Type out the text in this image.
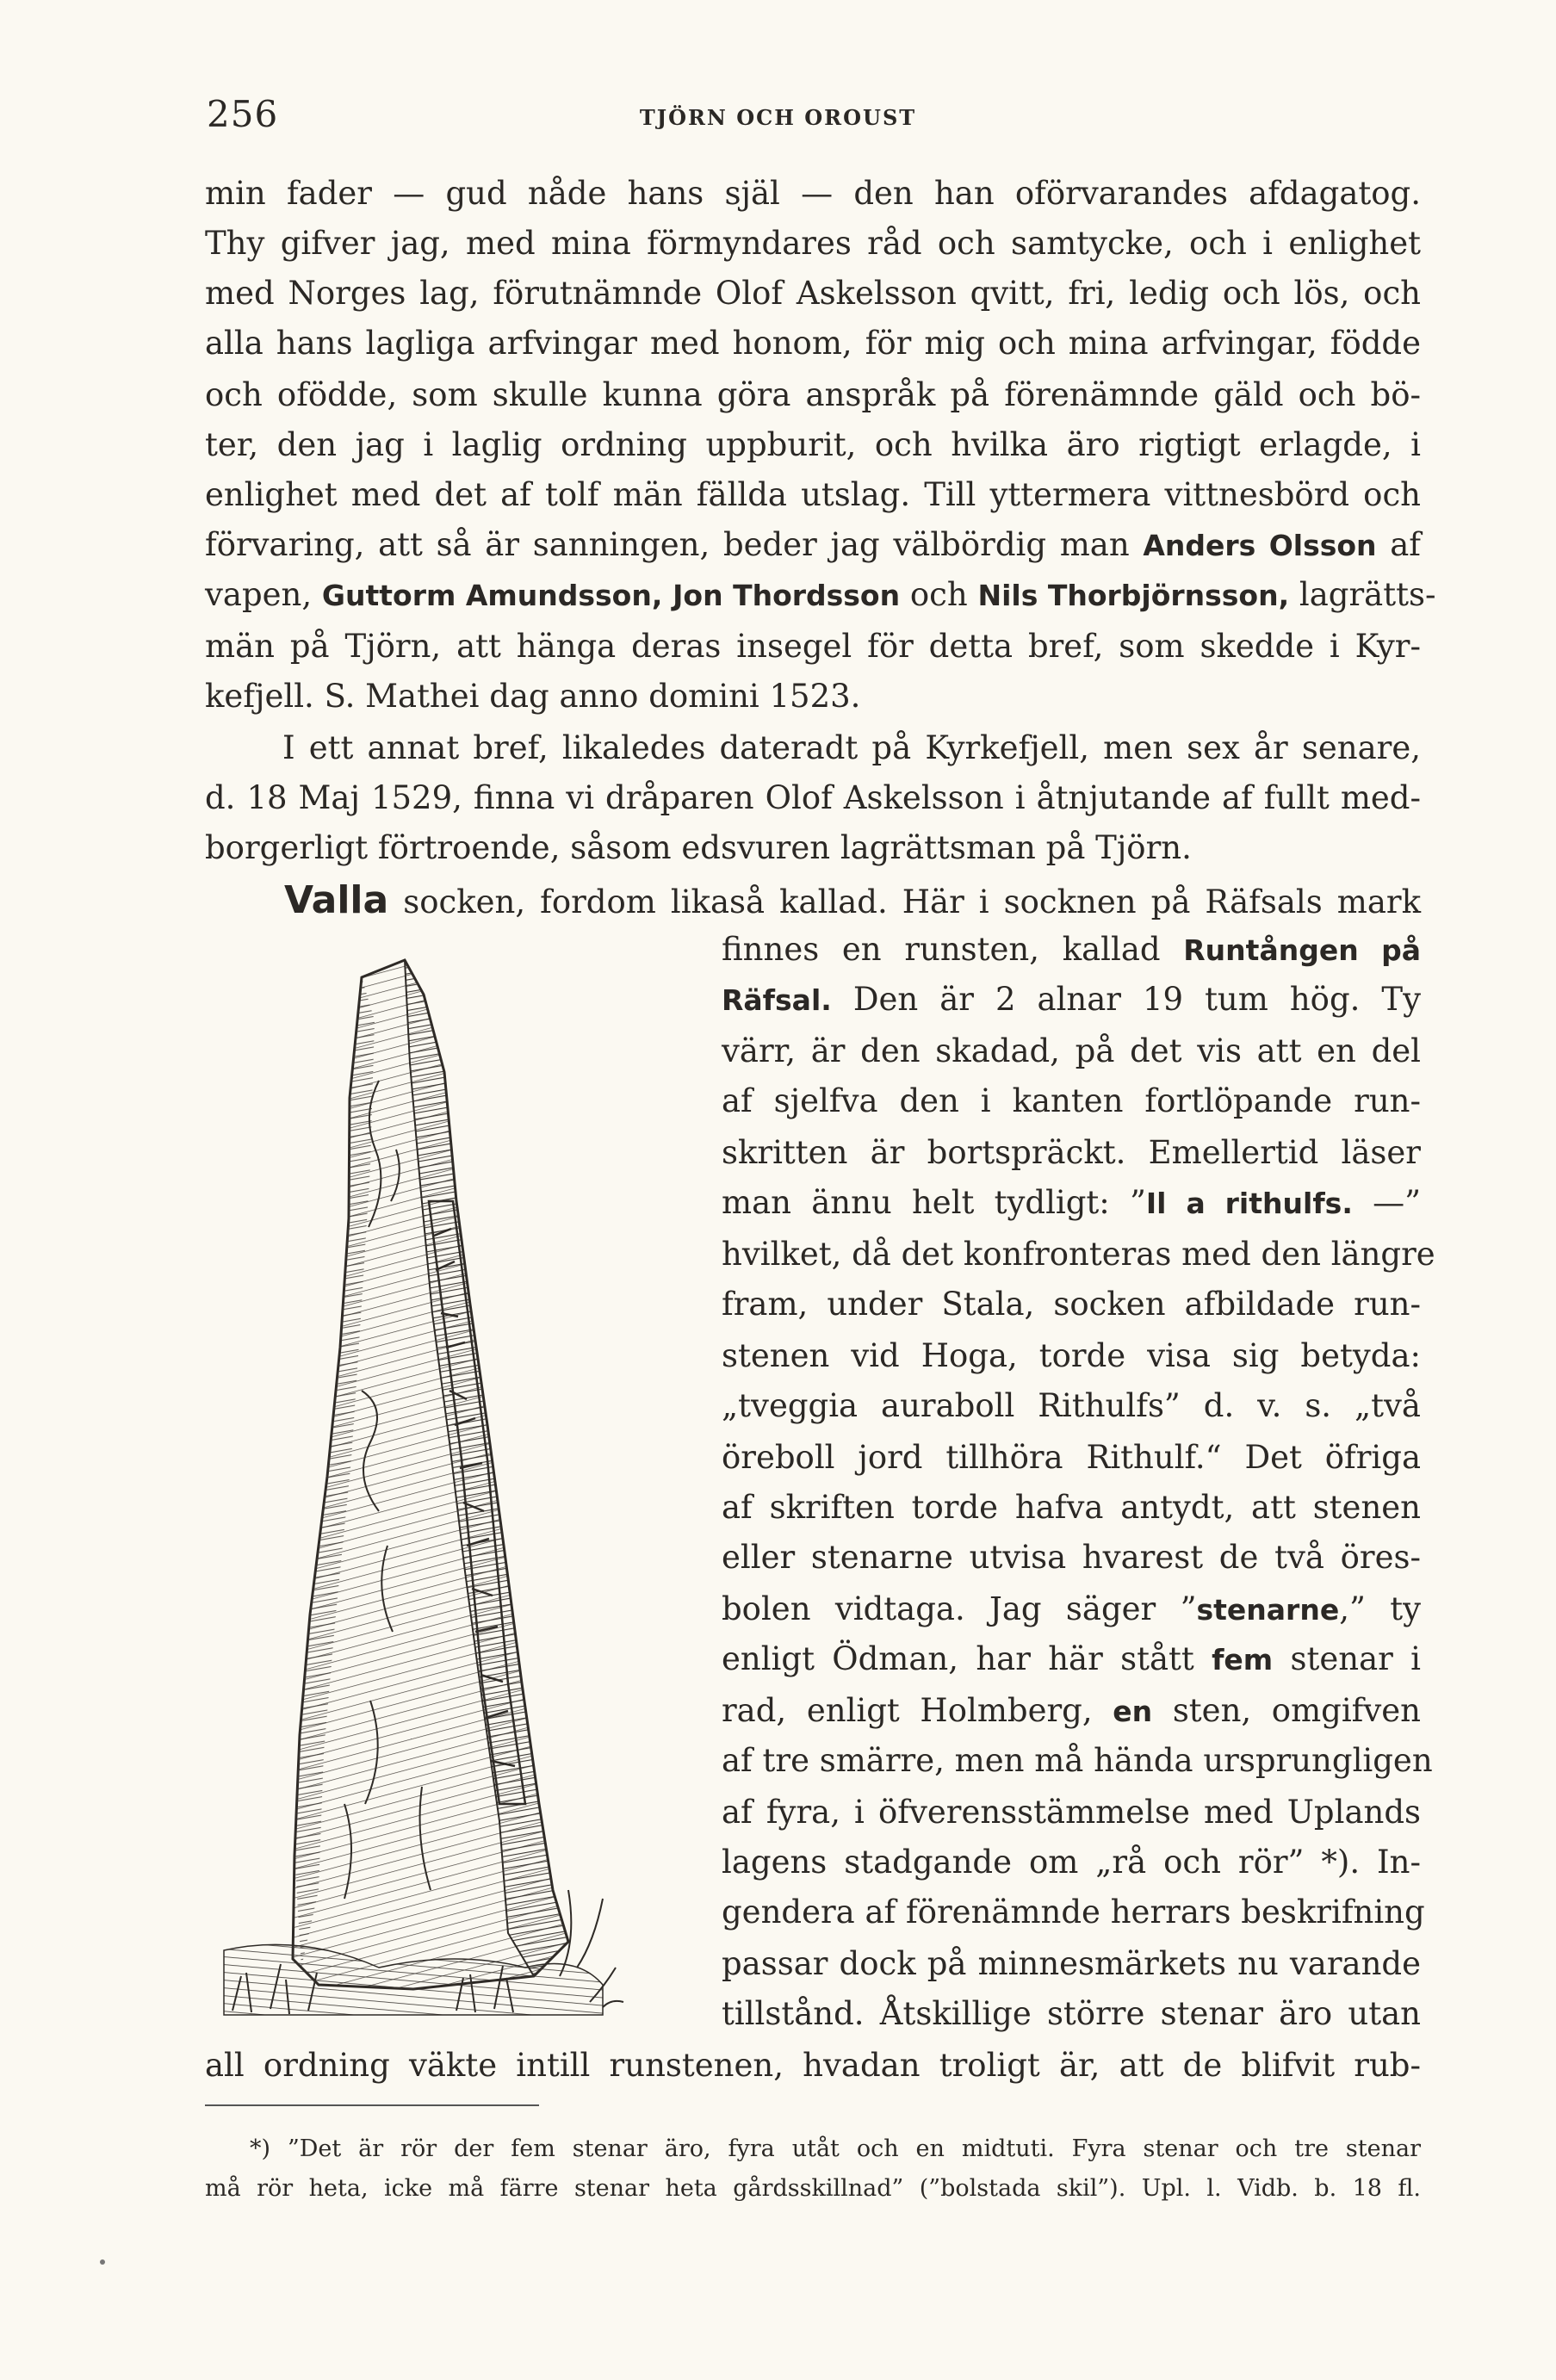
256	TJÖRN OCH OROUST
min fader — gud nåde hans själ — den han oförvarandes afdagatog.
Thy gifver jag, med mina förmyndares råd och samtycke, och i enlighet
med Norges lag, förutnämnde Olof Askelsson qvitt, fri, ledig och lös, och
alla hans lagliga arfvingar med honom, för mig och mina arfvingar, födde
och ofödde, som skulle kunna göra anspråk på förenämnde gäld och bö-
ter, den jag i laglig ordning uppburit, och hvilka äro rigtigt erlagde, i
enlighet med det af tolf män fällda utslag. Till yttermera vittnesbörd och
förvaring, att så är sanningen, beder jag välbördig man Anders Olsson af
vapen, Guttorm Amundsson, Jon Thordsson och Nils Thorbjörnsson, lagrätts-
män på Tjörn, att hänga deras insegel för detta bref, som skedde i Kyr-
kefjell. S. Mathei dag anno domini 1523.
I ett annat bref, likaledes dateradt på Kyrkefjell, men sex år senare,
d. 18 Maj 1529, finna vi dråparen Olof Askelsson i åtnjutande af fullt med-
borgerligt förtroende, såsom edsvuren lagrättsman på Tjörn.
Valla socken, fordom likaså kallad. Här i socknen på Räfsals mark
finnes en runsten, kallad Runtången på
Räfsal. Den är 2 alnar 19 tum hög. Ty
värr, är den skadad, på det vis att en del
af sjelfva den i kanten fortlöpande run-
skritten är bortspräckt. Emellertid läser
man ännu helt tydligt: ”Il a rithulfs. —”
hvilket, då det konfronteras med den längre
fram, under Stala, socken afbildade run-
stenen vid Hoga, torde visa sig betyda:
„tveggia auraboll Rithulfs” d. v. s. „två
öreboll jord tillhöra Rithulf.“ Det öfriga
af skriften torde hafva antydt, att stenen
eller stenarne utvisa hvarest de två öres-
bolen vidtaga. Jag säger ”stenarne,” ty
enligt Ödman, har här stått fem stenar i
rad, enligt Holmberg, en sten, omgifven
af tre smärre, men må hända ursprungligen
af fyra, i öfverensstämmelse med Uplands
lagens stadgande om „rå och rör” *). In-
gendera af förenämnde herrars beskrifning
passar dock på minnesmärkets nu varande
tillstånd. Åtskillige större stenar äro utan
all ordning väkte intill runstenen, hvadan troligt är, att de blifvit rub-
*) ”Det är rör der fem stenar äro, fyra utåt och en midtuti. Fyra stenar och tre stenar
må rör heta, icke må färre stenar heta gårdsskillnad” (”bolstada skil”). Upl. l. Vidb. b. 18 fl.
